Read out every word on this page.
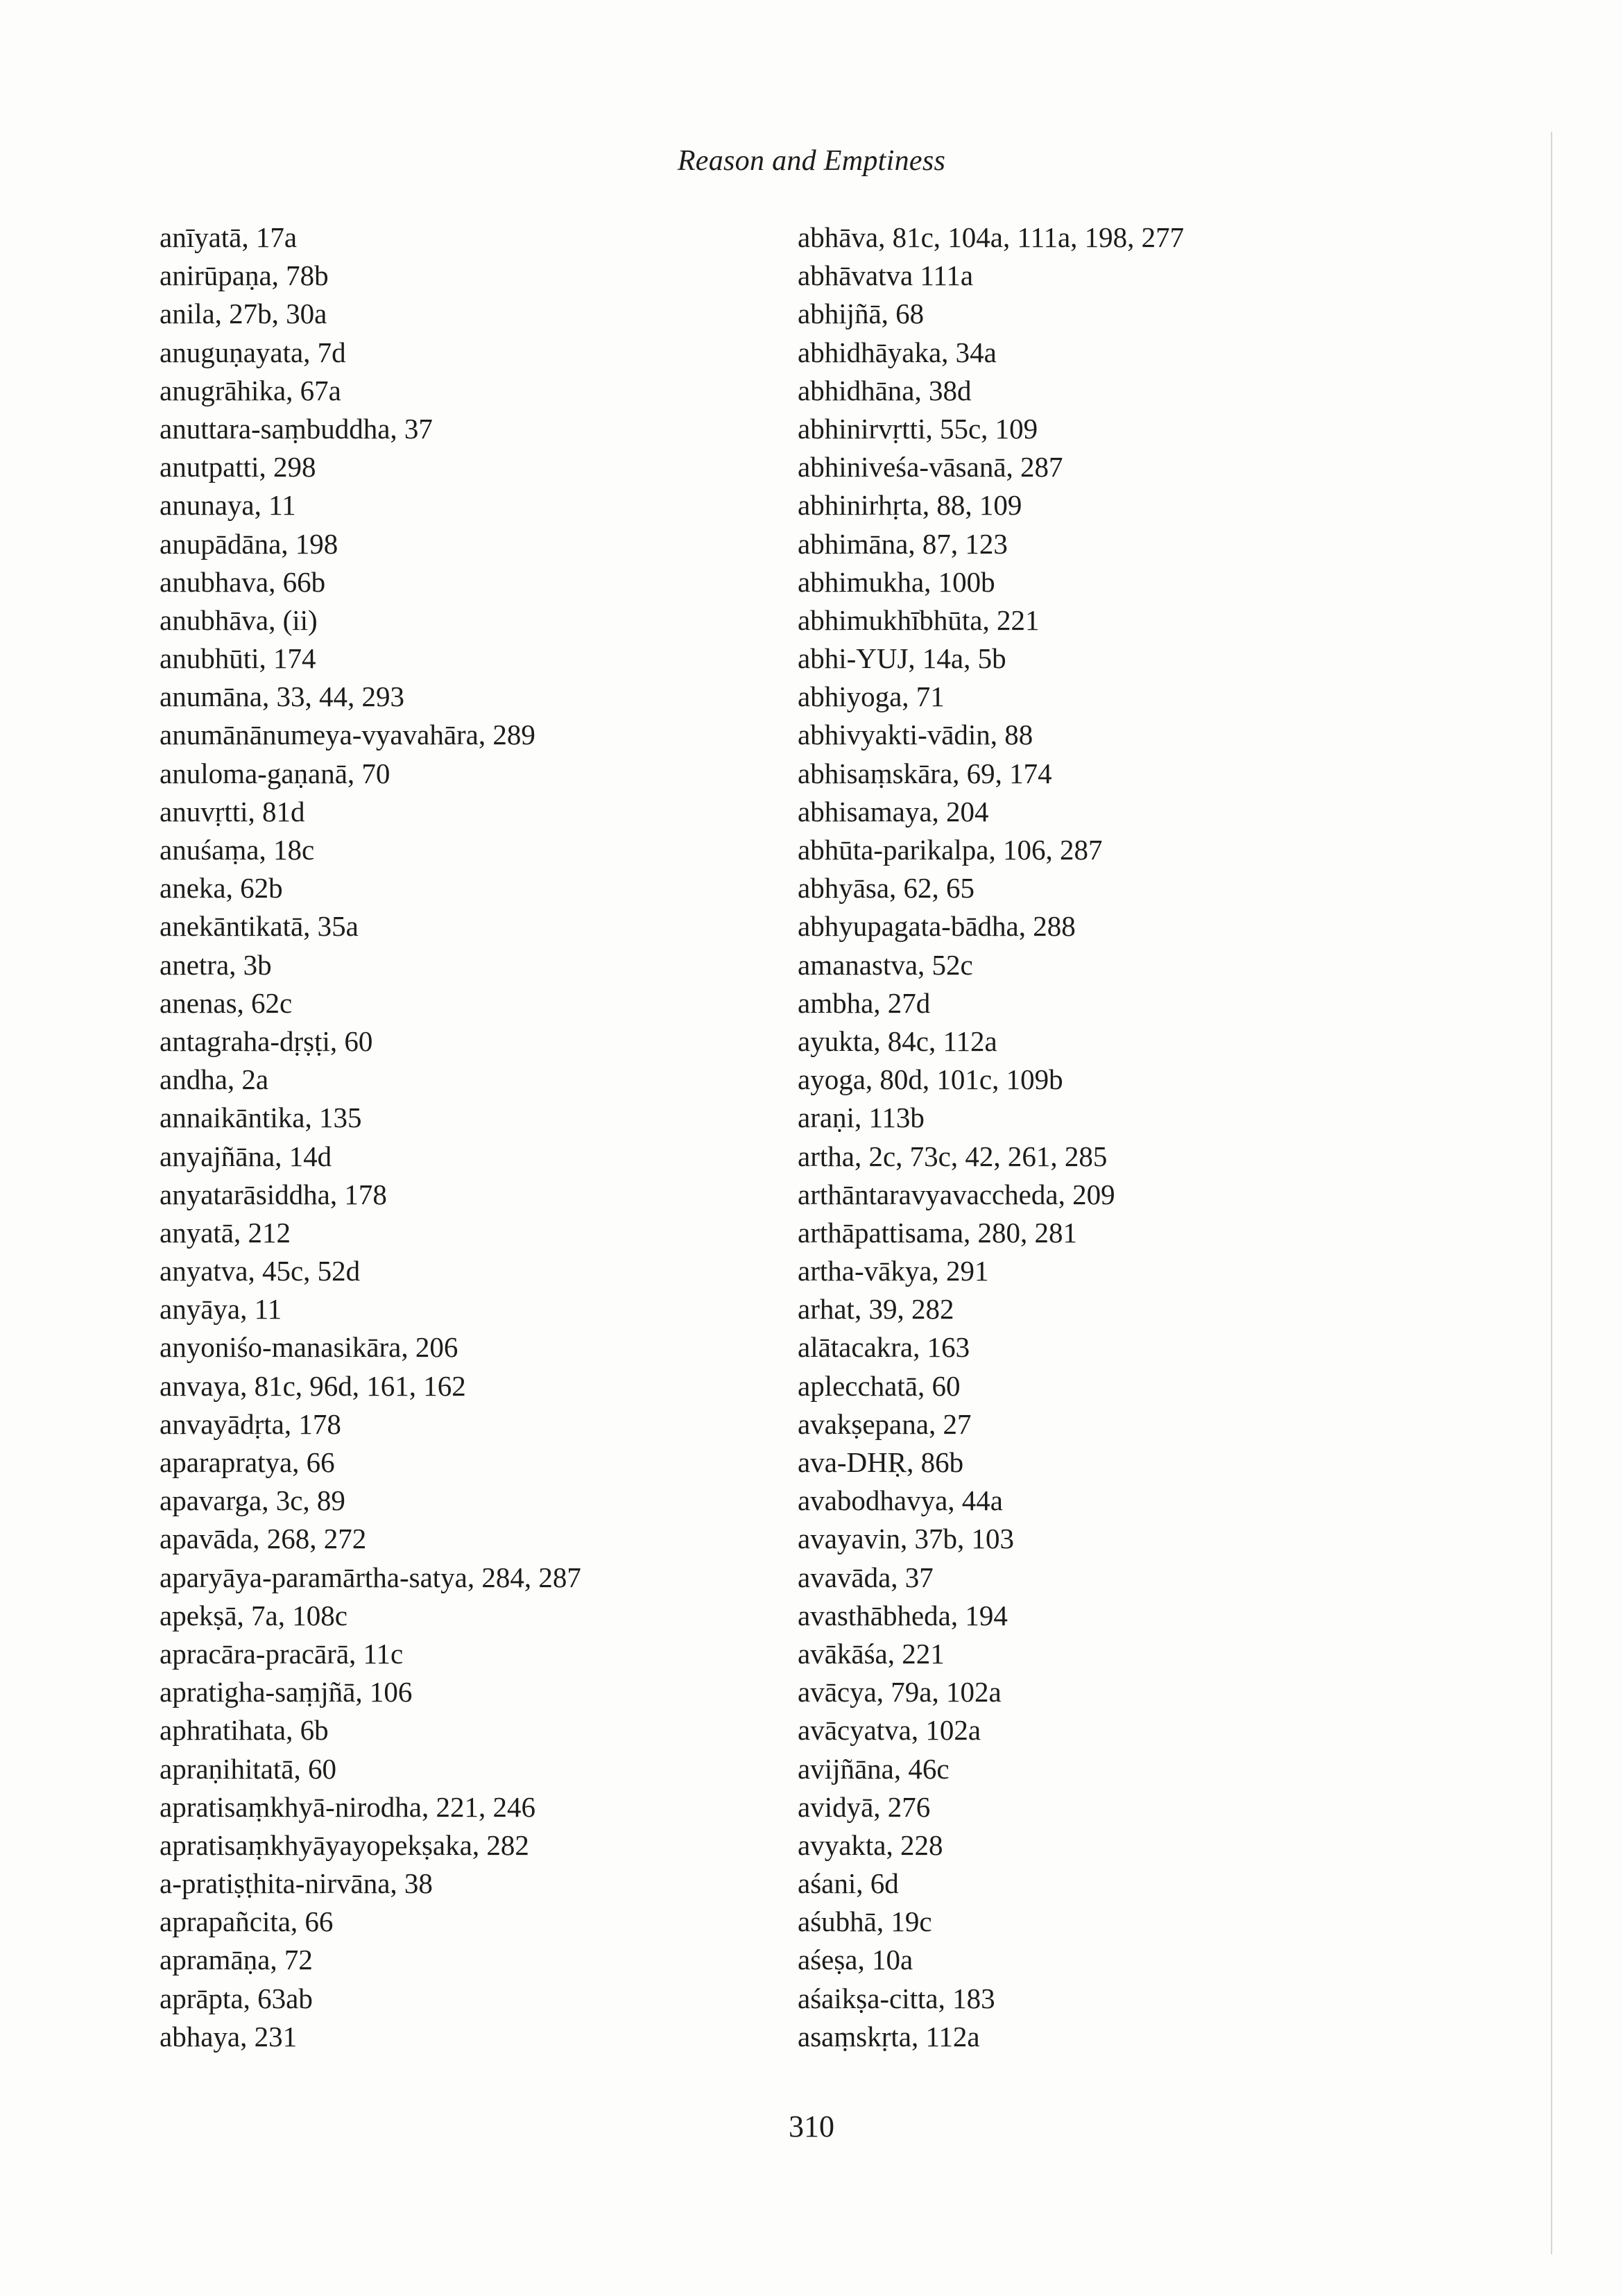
Reason and Emptiness
anīyatā, 17a
anirūpaṇa, 78b
anila, 27b, 30a
anuguṇayata, 7d
anugrāhika, 67a
anuttara-saṃbuddha, 37
anutpatti, 298
anunaya, 11
anupādāna, 198
anubhava, 66b
anubhāva, (ii)
anubhūti, 174
anumāna, 33, 44, 293
anumānānumeya-vyavahāra, 289
anuloma-gaṇanā, 70
anuvṛtti, 81d
anuśaṃa, 18c
aneka, 62b
anekāntikatā, 35a
anetra, 3b
anenas, 62c
antagraha-dṛṣṭi, 60
andha, 2a
annaikāntika, 135
anyajñāna, 14d
anyatarāsiddha, 178
anyatā, 212
anyatva, 45c, 52d
anyāya, 11
anyoniśo-manasikāra, 206
anvaya, 81c, 96d, 161, 162
anvayādṛta, 178
aparapratya, 66
apavarga, 3c, 89
apavāda, 268, 272
aparyāya-paramārtha-satya, 284, 287
apekṣā, 7a, 108c
apracāra-pracārā, 11c
apratigha-saṃjñā, 106
aphratihata, 6b
apraṇihitatā, 60
apratisaṃkhyā-nirodha, 221, 246
apratisaṃkhyāyayopekṣaka, 282
a-pratiṣṭhita-nirvāna, 38
aprapañcita, 66
apramāṇa, 72
aprāpta, 63ab
abhaya, 231
abhāva, 81c, 104a, 111a, 198, 277
abhāvatva 111a
abhijñā, 68
abhidhāyaka, 34a
abhidhāna, 38d
abhinirvṛtti, 55c, 109
abhiniveśa-vāsanā, 287
abhinirhṛta, 88, 109
abhimāna, 87, 123
abhimukha, 100b
abhimukhībhūta, 221
abhi-YUJ, 14a, 5b
abhiyoga, 71
abhivyakti-vādin, 88
abhisaṃskāra, 69, 174
abhisamaya, 204
abhūta-parikalpa, 106, 287
abhyāsa, 62, 65
abhyupagata-bādha, 288
amanastva, 52c
ambha, 27d
ayukta, 84c, 112a
ayoga, 80d, 101c, 109b
araṇi, 113b
artha, 2c, 73c, 42, 261, 285
arthāntaravyavaccheda, 209
arthāpattisama, 280, 281
artha-vākya, 291
arhat, 39, 282
alātacakra, 163
aplecchatā, 60
avakṣepana, 27
ava-DHṚ, 86b
avabodhavya, 44a
avayavin, 37b, 103
avavāda, 37
avasthābheda, 194
avākāśa, 221
avācya, 79a, 102a
avācyatva, 102a
avijñāna, 46c
avidyā, 276
avyakta, 228
aśani, 6d
aśubhā, 19c
aśeṣa, 10a
aśaikṣa-citta, 183
asaṃskṛta, 112a
310
